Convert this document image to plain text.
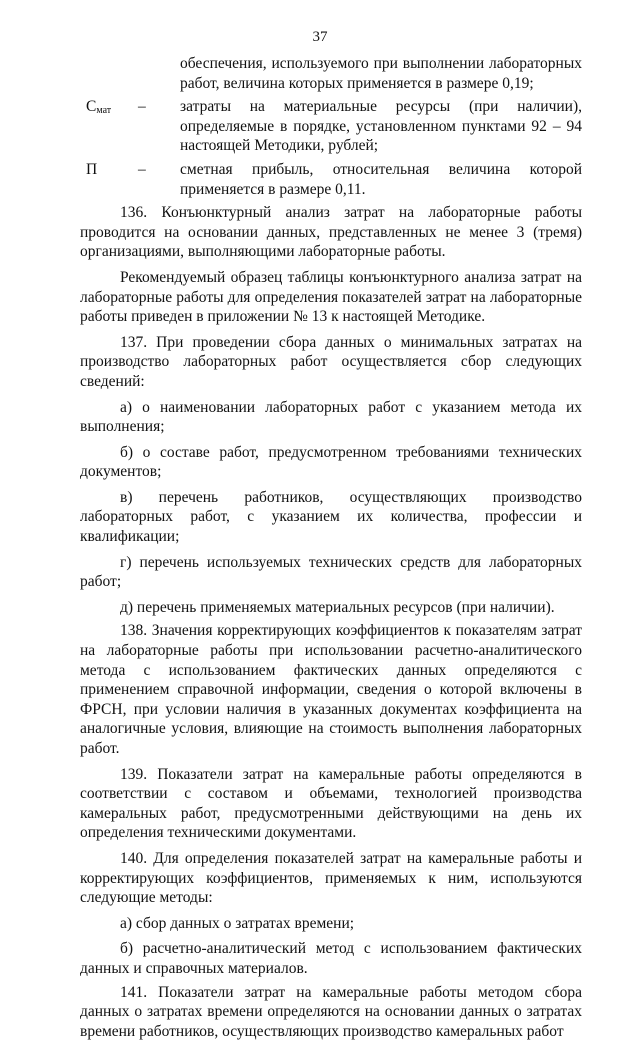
37
обеспечения, используемого при выполнении лабораторных работ, величина которых применяется в размере 0,19;
$С_{мат}$	–	затраты на материальные ресурсы (при наличии), определяемые в порядке, установленном пунктами 92 – 94 настоящей Методики, рублей;
П	–	сметная прибыль, относительная величина которой применяется в размере 0,11.

136. Конъюнктурный анализ затрат на лабораторные работы проводится на основании данных, представленных не менее 3 (тремя) организациями, выполняющими лабораторные работы.

Рекомендуемый образец таблицы конъюнктурного анализа затрат на лабораторные работы для определения показателей затрат на лабораторные работы приведен в приложении № 13 к настоящей Методике.

137. При проведении сбора данных о минимальных затратах на производство лабораторных работ осуществляется сбор следующих сведений:

а) о наименовании лабораторных работ с указанием метода их выполнения;

б) о составе работ, предусмотренном требованиями технических документов;

в) перечень работников, осуществляющих производство лабораторных работ, с указанием их количества, профессии и квалификации;

г) перечень используемых технических средств для лабораторных работ;

д) перечень применяемых материальных ресурсов (при наличии).

138. Значения корректирующих коэффициентов к показателям затрат на лабораторные работы при использовании расчетно-аналитического метода с использованием фактических данных определяются с применением справочной информации, сведения о которой включены в ФРСН, при условии наличия в указанных документах коэффициента на аналогичные условия, влияющие на стоимость выполнения лабораторных работ.

139. Показатели затрат на камеральные работы определяются в соответствии с составом и объемами, технологией производства камеральных работ, предусмотренными действующими на день их определения техническими документами.

140. Для определения показателей затрат на камеральные работы и корректирующих коэффициентов, применяемых к ним, используются следующие методы:

а) сбор данных о затратах времени;

б) расчетно-аналитический метод с использованием фактических данных и справочных материалов.

141. Показатели затрат на камеральные работы методом сбора данных о затратах времени определяются на основании данных о затратах времени работников, осуществляющих производство камеральных работ
